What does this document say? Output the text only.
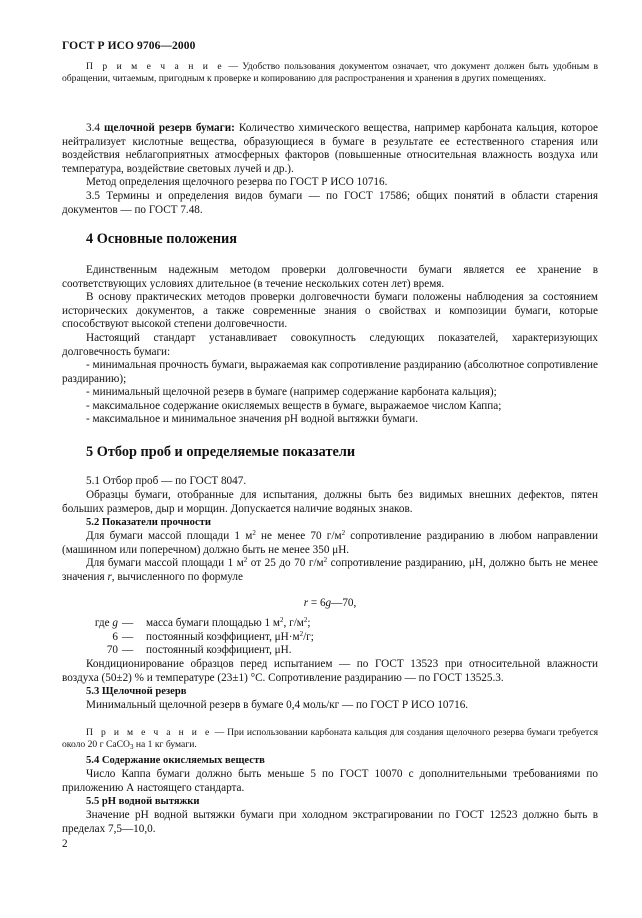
ГОСТ Р ИСО 9706—2000
П р и м е ч а н и е — Удобство пользования документом означает, что документ должен быть удобным в обращении, читаемым, пригодным к проверке и копированию для распространения и хранения в других помещениях.
3.4 щелочной резерв бумаги: Количество химического вещества, например карбоната кальция, которое нейтрализует кислотные вещества, образующиеся в бумаге в результате ее естественного старения или воздействия неблагоприятных атмосферных факторов (повышенные относительная влажность воздуха или температура, воздействие световых лучей и др.).
Метод определения щелочного резерва по ГОСТ Р ИСО 10716.
3.5 Термины и определения видов бумаги — по ГОСТ 17586; общих понятий в области старения документов — по ГОСТ 7.48.
4 Основные положения
Единственным надежным методом проверки долговечности бумаги является ее хранение в соответствующих условиях длительное (в течение нескольких сотен лет) время.
В основу практических методов проверки долговечности бумаги положены наблюдения за состоянием исторических документов, а также современные знания о свойствах и композиции бумаги, которые способствуют высокой степени долговечности.
Настоящий стандарт устанавливает совокупность следующих показателей, характеризующих долговечность бумаги:
- минимальная прочность бумаги, выражаемая как сопротивление раздиранию (абсолютное сопротивление раздиранию);
- минимальный щелочной резерв в бумаге (например содержание карбоната кальция);
- максимальное содержание окисляемых веществ в бумаге, выражаемое числом Каппа;
- максимальное и минимальное значения pH водной вытяжки бумаги.
5 Отбор проб и определяемые показатели
5.1 Отбор проб — по ГОСТ 8047.
Образцы бумаги, отобранные для испытания, должны быть без видимых внешних дефектов, пятен больших размеров, дыр и морщин. Допускается наличие водяных знаков.
5.2 Показатели прочности
Для бумаги массой площади 1 $м^2$ не менее 70 $г/м^2$ сопротивление раздиранию в любом направлении (машинном или поперечном) должно быть не менее 350 μН.
Для бумаги массой площади 1 $м^2$ от 25 до 70 $г/м^2$ сопротивление раздиранию, μН, должно быть не менее значения r, вычисленного по формуле
r = 6g—70,
где g —	масса бумаги площадью 1 $м^2$, $г/м^2$;
6 —	постоянный коэффициент, $\mu Н\cdot м^2/г$;
70 —	постоянный коэффициент, μН.
Кондиционирование образцов перед испытанием — по ГОСТ 13523 при относительной влажности воздуха (50±2) % и температуре (23±1) °С. Сопротивление раздиранию — по ГОСТ 13525.3.
5.3 Щелочной резерв
Минимальный щелочной резерв в бумаге 0,4 моль/кг — по ГОСТ Р ИСО 10716.
П р и м е ч а н и е — При использовании карбоната кальция для создания щелочного резерва бумаги требуется около 20 г CaCO$_3$ на 1 кг бумаги.
5.4 Содержание окисляемых веществ
Число Каппа бумаги должно быть меньше 5 по ГОСТ 10070 с дополнительными требованиями по приложению А настоящего стандарта.
5.5 pH водной вытяжки
Значение pH водной вытяжки бумаги при холодном экстрагировании по ГОСТ 12523 должно быть в пределах 7,5—10,0.
2
